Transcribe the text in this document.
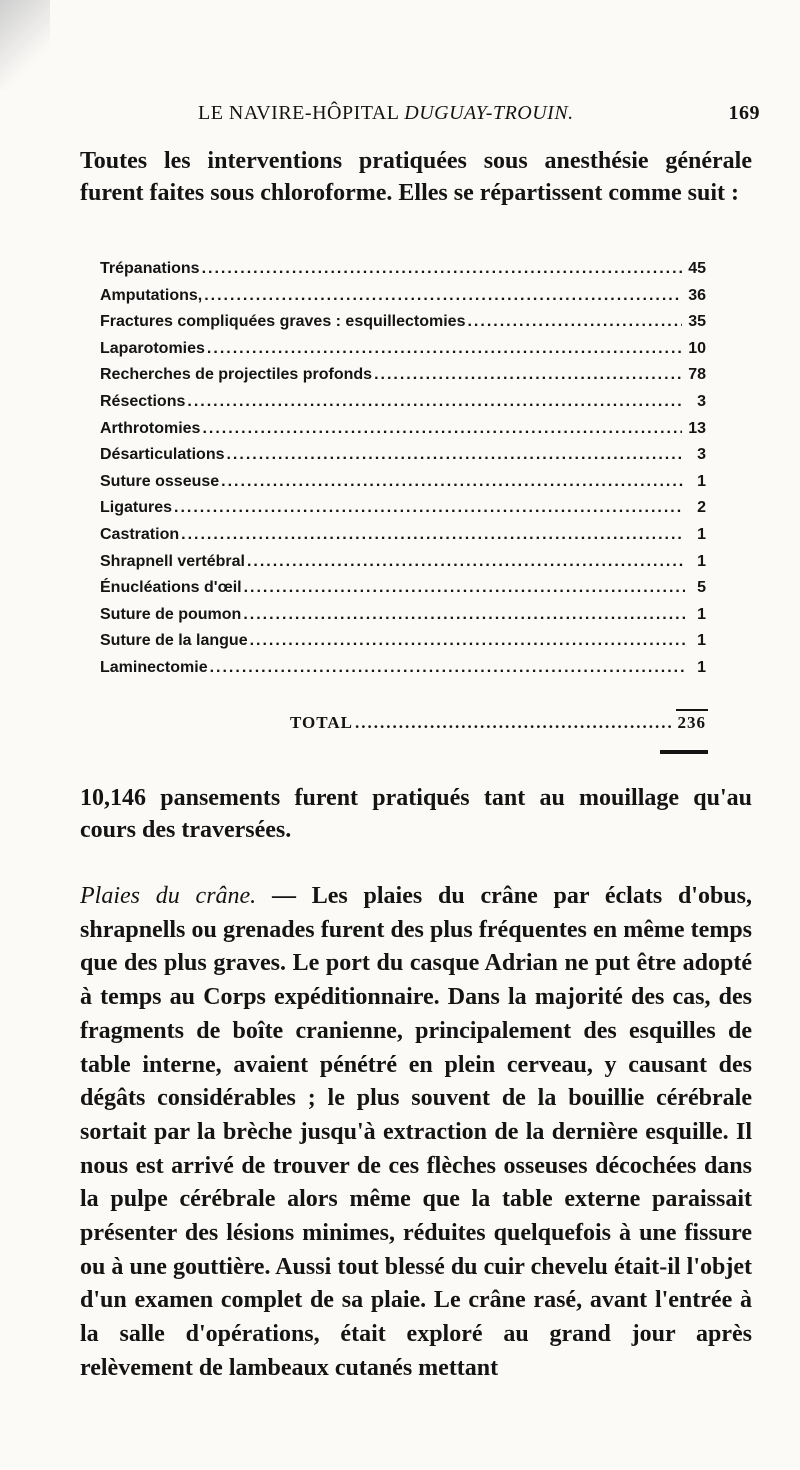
LE NAVIRE-HÔPITAL DUGUAY-TROUIN.	169
Toutes les interventions pratiquées sous anesthésie générale furent faites sous chloroforme. Elles se répartissent comme suit :
Trépanations .....	45
Amputations, .....	36
Fractures compliquées graves : esquillectomies .....	35
Laparotomies .....	10
Recherches de projectiles profonds .....	78
Résections .....	3
Arthrotomies .....	13
Désarticulations .....	3
Suture osseuse .....	1
Ligatures .....	2
Castration .....	1
Shrapnell vertébral .....	1
Énucléations d'œil .....	5
Suture de poumon .....	1
Suture de la langue .....	1
Laminectomie .....	1
TOTAL .....	236
10,146 pansements furent pratiqués tant au mouillage qu'au cours des traversées.
Plaies du crâne. — Les plaies du crâne par éclats d'obus, shrapnells ou grenades furent des plus fréquentes en même temps que des plus graves. Le port du casque Adrian ne put être adopté à temps au Corps expéditionnaire. Dans la majorité des cas, des fragments de boîte cranienne, principalement des esquilles de table interne, avaient pénétré en plein cerveau, y causant des dégâts considérables ; le plus souvent de la bouillie cérébrale sortait par la brèche jusqu'à extraction de la dernière esquille. Il nous est arrivé de trouver de ces flèches osseuses décochées dans la pulpe cérébrale alors même que la table externe paraissait présenter des lésions minimes, réduites quelquefois à une fissure ou à une gouttière. Aussi tout blessé du cuir chevelu était-il l'objet d'un examen complet de sa plaie. Le crâne rasé, avant l'entrée à la salle d'opérations, était exploré au grand jour après relèvement de lambeaux cutanés mettant
